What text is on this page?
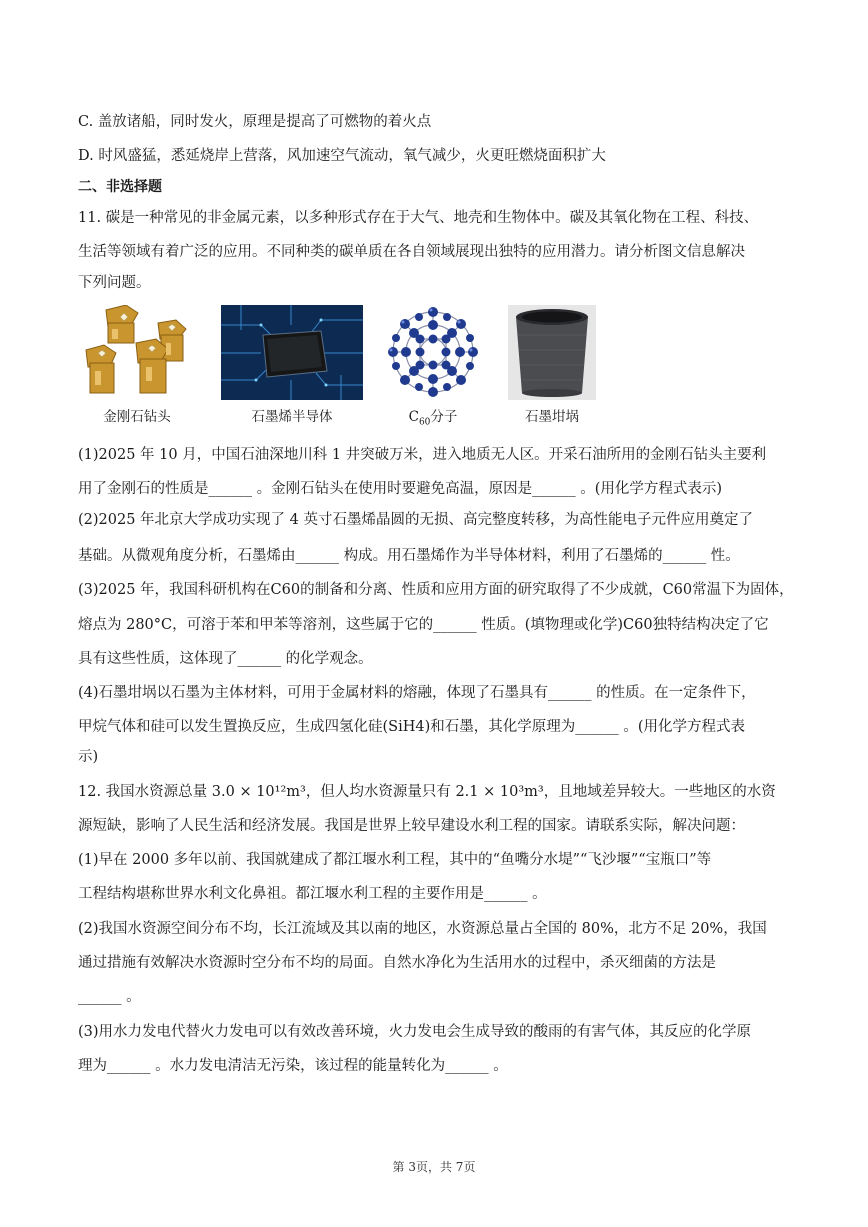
C. 盖放诸船，同时发火，原理是提高了可燃物的着火点
D. 时风盛猛，悉延烧岸上营落，风加速空气流动，氧气减少，火更旺燃烧面积扩大
二、非选择题
11. 碳是一种常见的非金属元素，以多种形式存在于大气、地壳和生物体中。碳及其氧化物在工程、科技、
生活等领域有着广泛的应用。不同种类的碳单质在各自领域展现出独特的应用潜力。请分析图文信息解决
下列问题。
金刚石钻头	石墨烯半导体	$C_{60}$分子	石墨坩埚
(1)2025 年 10 月，中国石油深地川科 1 井突破万米，进入地质无人区。开采石油所用的金刚石钻头主要利
用了金刚石的性质是______ 。金刚石钻头在使用时要避免高温，原因是______ 。(用化学方程式表示)
(2)2025 年北京大学成功实现了 4 英寸石墨烯晶圆的无损、高完整度转移，为高性能电子元件应用奠定了
基础。从微观角度分析，石墨烯由______ 构成。用石墨烯作为半导体材料，利用了石墨烯的______ 性。
(3)2025 年，我国科研机构在C60的制备和分离、性质和应用方面的研究取得了不少成就，C60常温下为固体，
熔点为 280°C，可溶于苯和甲苯等溶剂，这些属于它的______ 性质。(填物理或化学)C60独特结构决定了它
具有这些性质，这体现了______ 的化学观念。
(4)石墨坩埚以石墨为主体材料，可用于金属材料的熔融，体现了石墨具有______ 的性质。在一定条件下，
甲烷气体和硅可以发生置换反应，生成四氢化硅(SiH4)和石墨，其化学原理为______ 。(用化学方程式表
示)
12. 我国水资源总量 3.0 × 10¹²m³，但人均水资源量只有 2.1 × 10³m³，且地域差异较大。一些地区的水资
源短缺，影响了人民生活和经济发展。我国是世界上较早建设水利工程的国家。请联系实际，解决问题：
(1)早在 2000 多年以前、我国就建成了都江堰水利工程，其中的“鱼嘴分水堤”“飞沙堰”“宝瓶口”等
工程结构堪称世界水利文化鼻祖。都江堰水利工程的主要作用是______ 。
(2)我国水资源空间分布不均，长江流域及其以南的地区，水资源总量占全国的 80%，北方不足 20%，我国
通过措施有效解决水资源时空分布不均的局面。自然水净化为生活用水的过程中，杀灭细菌的方法是
______ 。
(3)用水力发电代替火力发电可以有效改善环境，火力发电会生成导致的酸雨的有害气体，其反应的化学原
理为______ 。水力发电清洁无污染，该过程的能量转化为______ 。
第 3页，共 7页
